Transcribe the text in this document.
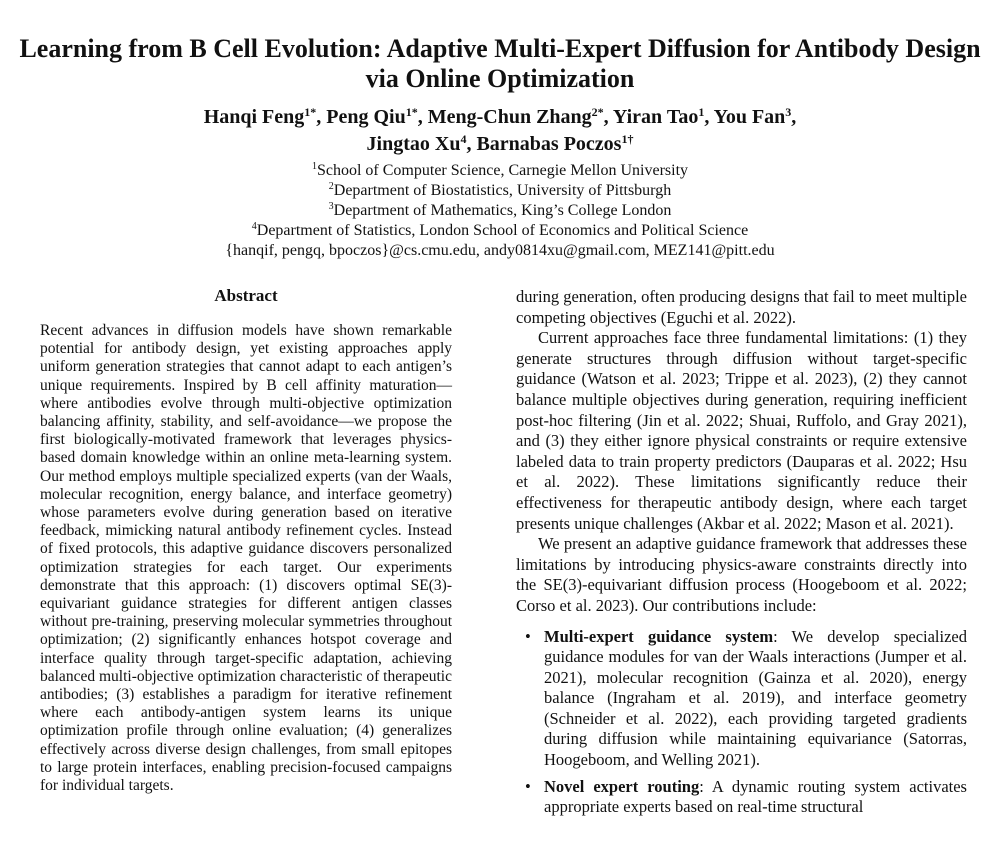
Learning from B Cell Evolution: Adaptive Multi-Expert Diffusion for Antibody Design via Online Optimization
Hanqi Feng$^{1*}$, Peng Qiu$^{1*}$, Meng-Chun Zhang$^{2*}$, Yiran Tao$^1$, You Fan$^3$,
Jingtao Xu$^4$, Barnabas Poczos$^{1\dagger}$
$^1$School of Computer Science, Carnegie Mellon University
$^2$Department of Biostatistics, University of Pittsburgh
$^3$Department of Mathematics, King’s College London
$^4$Department of Statistics, London School of Economics and Political Science
{hanqif, pengq, bpoczos}@cs.cmu.edu, andy0814xu@gmail.com, MEZ141@pitt.edu
Abstract

Recent advances in diffusion models have shown remarkable potential for antibody design, yet existing approaches apply uniform generation strategies that cannot adapt to each antigen’s unique requirements. Inspired by B cell affinity maturation—where antibodies evolve through multi-objective optimization balancing affinity, stability, and self-avoidance—we propose the first biologically-motivated framework that leverages physics-based domain knowledge within an online meta-learning system. Our method employs multiple specialized experts (van der Waals, molecular recognition, energy balance, and interface geometry) whose parameters evolve during generation based on iterative feedback, mimicking natural antibody refinement cycles. Instead of fixed protocols, this adaptive guidance discovers personalized optimization strategies for each target. Our experiments demonstrate that this approach: (1) discovers optimal SE(3)-equivariant guidance strategies for different antigen classes without pre-training, preserving molecular symmetries throughout optimization; (2) significantly enhances hotspot coverage and interface quality through target-specific adaptation, achieving balanced multi-objective optimization characteristic of therapeutic antibodies; (3) establishes a paradigm for iterative refinement where each antibody-antigen system learns its unique optimization profile through online evaluation; (4) generalizes effectively across diverse design challenges, from small epitopes to large protein interfaces, enabling precision-focused campaigns for individual targets.

during generation, often producing designs that fail to meet multiple competing objectives (Eguchi et al. 2022).

Current approaches face three fundamental limitations: (1) they generate structures through diffusion without target-specific guidance (Watson et al. 2023; Trippe et al. 2023), (2) they cannot balance multiple objectives during generation, requiring inefficient post-hoc filtering (Jin et al. 2022; Shuai, Ruffolo, and Gray 2021), and (3) they either ignore physical constraints or require extensive labeled data to train property predictors (Dauparas et al. 2022; Hsu et al. 2022). These limitations significantly reduce their effectiveness for therapeutic antibody design, where each target presents unique challenges (Akbar et al. 2022; Mason et al. 2021).

We present an adaptive guidance framework that addresses these limitations by introducing physics-aware constraints directly into the SE(3)-equivariant diffusion process (Hoogeboom et al. 2022; Corso et al. 2023). Our contributions include:

• Multi-expert guidance system: We develop specialized guidance modules for van der Waals interactions (Jumper et al. 2021), molecular recognition (Gainza et al. 2020), energy balance (Ingraham et al. 2019), and interface geometry (Schneider et al. 2022), each providing targeted gradients during diffusion while maintaining equivariance (Satorras, Hoogeboom, and Welling 2021).
• Novel expert routing: A dynamic routing system activates appropriate experts based on real-time structural
